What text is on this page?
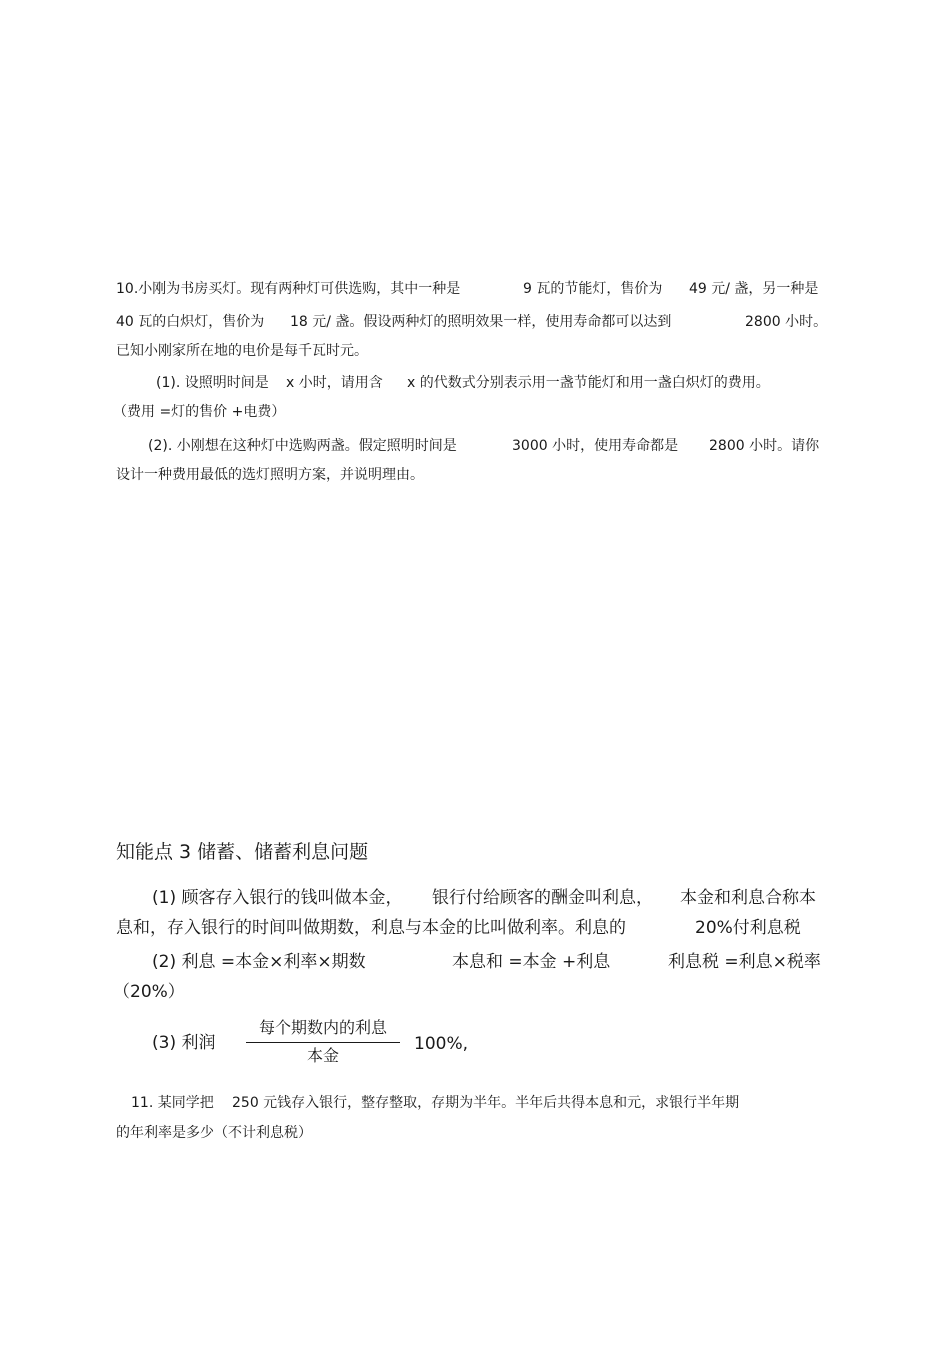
10.小刚为书房买灯。现有两种灯可供选购，其中一种是	9 瓦的节能灯，售价为 49 元/ 盏，另一种是
40 瓦的白炽灯，售价为 18 元/ 盏。假设两种灯的照明效果一样，使用寿命都可以达到	2800 小时。
已知小刚家所在地的电价是每千瓦时元。
(1). 设照明时间是 x 小时，请用含 x 的代数式分别表示用一盏节能灯和用一盏白炽灯的费用。
（费用 =灯的售价 +电费）
(2). 小刚想在这种灯中选购两盏。假定照明时间是	3000 小时，使用寿命都是 2800 小时。请你
设计一种费用最低的选灯照明方案，并说明理由。
知能点 3 储蓄、储蓄利息问题
(1) 顾客存入银行的钱叫做本金， 银行付给顾客的酬金叫利息， 本金和利息合称本
息和，存入银行的时间叫做期数，利息与本金的比叫做利率。利息的	20%付利息税
(2) 利息 =本金×利率×期数	本息和 =本金 +利息	利息税 =利息×税率
（20%）
(3) 利润
每个期数内的利息
本金
100%,
11. 某同学把 250 元钱存入银行，整存整取，存期为半年。半年后共得本息和元，求银行半年期
的年利率是多少（不计利息税）
